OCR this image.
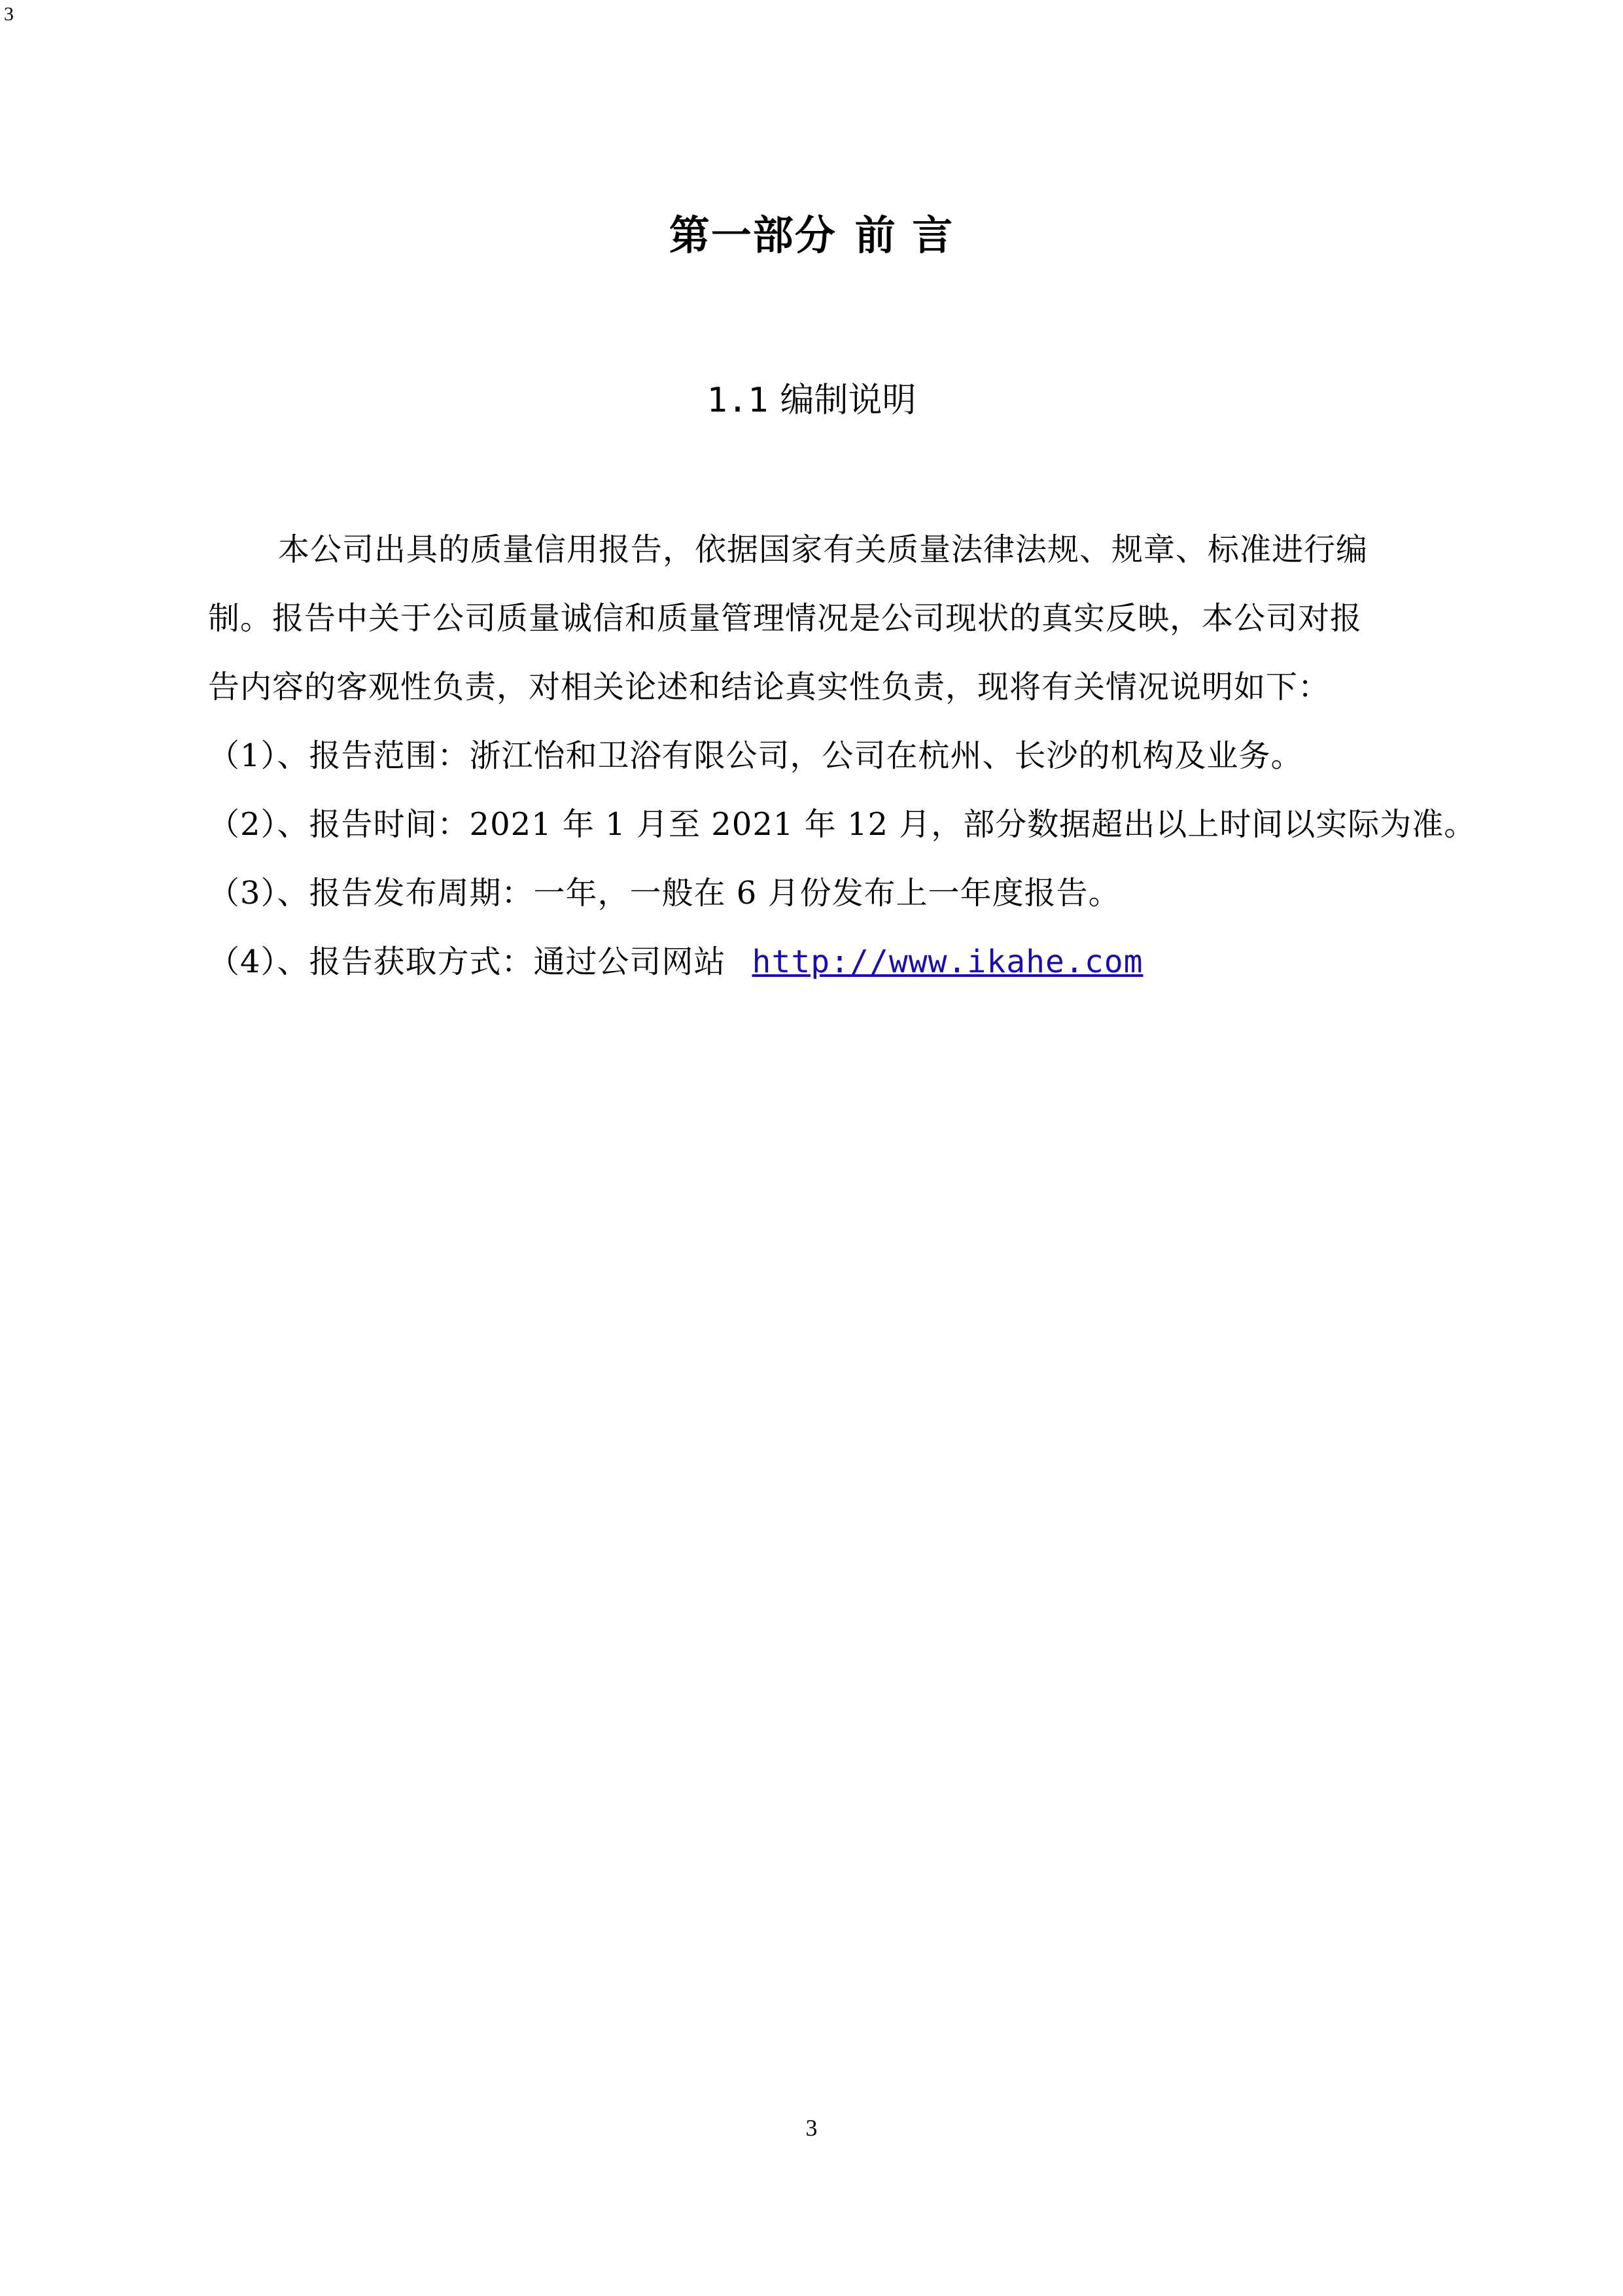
3
第一部分 前 言
1.1 编制说明
本公司出具的质量信用报告，依据国家有关质量法律法规、规章、标准进行编
制。报告中关于公司质量诚信和质量管理情况是公司现状的真实反映，本公司对报
告内容的客观性负责，对相关论述和结论真实性负责，现将有关情况说明如下：
（1）、报告范围：浙江怡和卫浴有限公司，公司在杭州、长沙的机构及业务。
（2）、报告时间：2021 年 1 月至 2021 年 12 月，部分数据超出以上时间以实际为准。
（3）、报告发布周期：一年，一般在 6 月份发布上一年度报告。
（4）、报告获取方式：通过公司网站 http://www.ikahe.com
3
